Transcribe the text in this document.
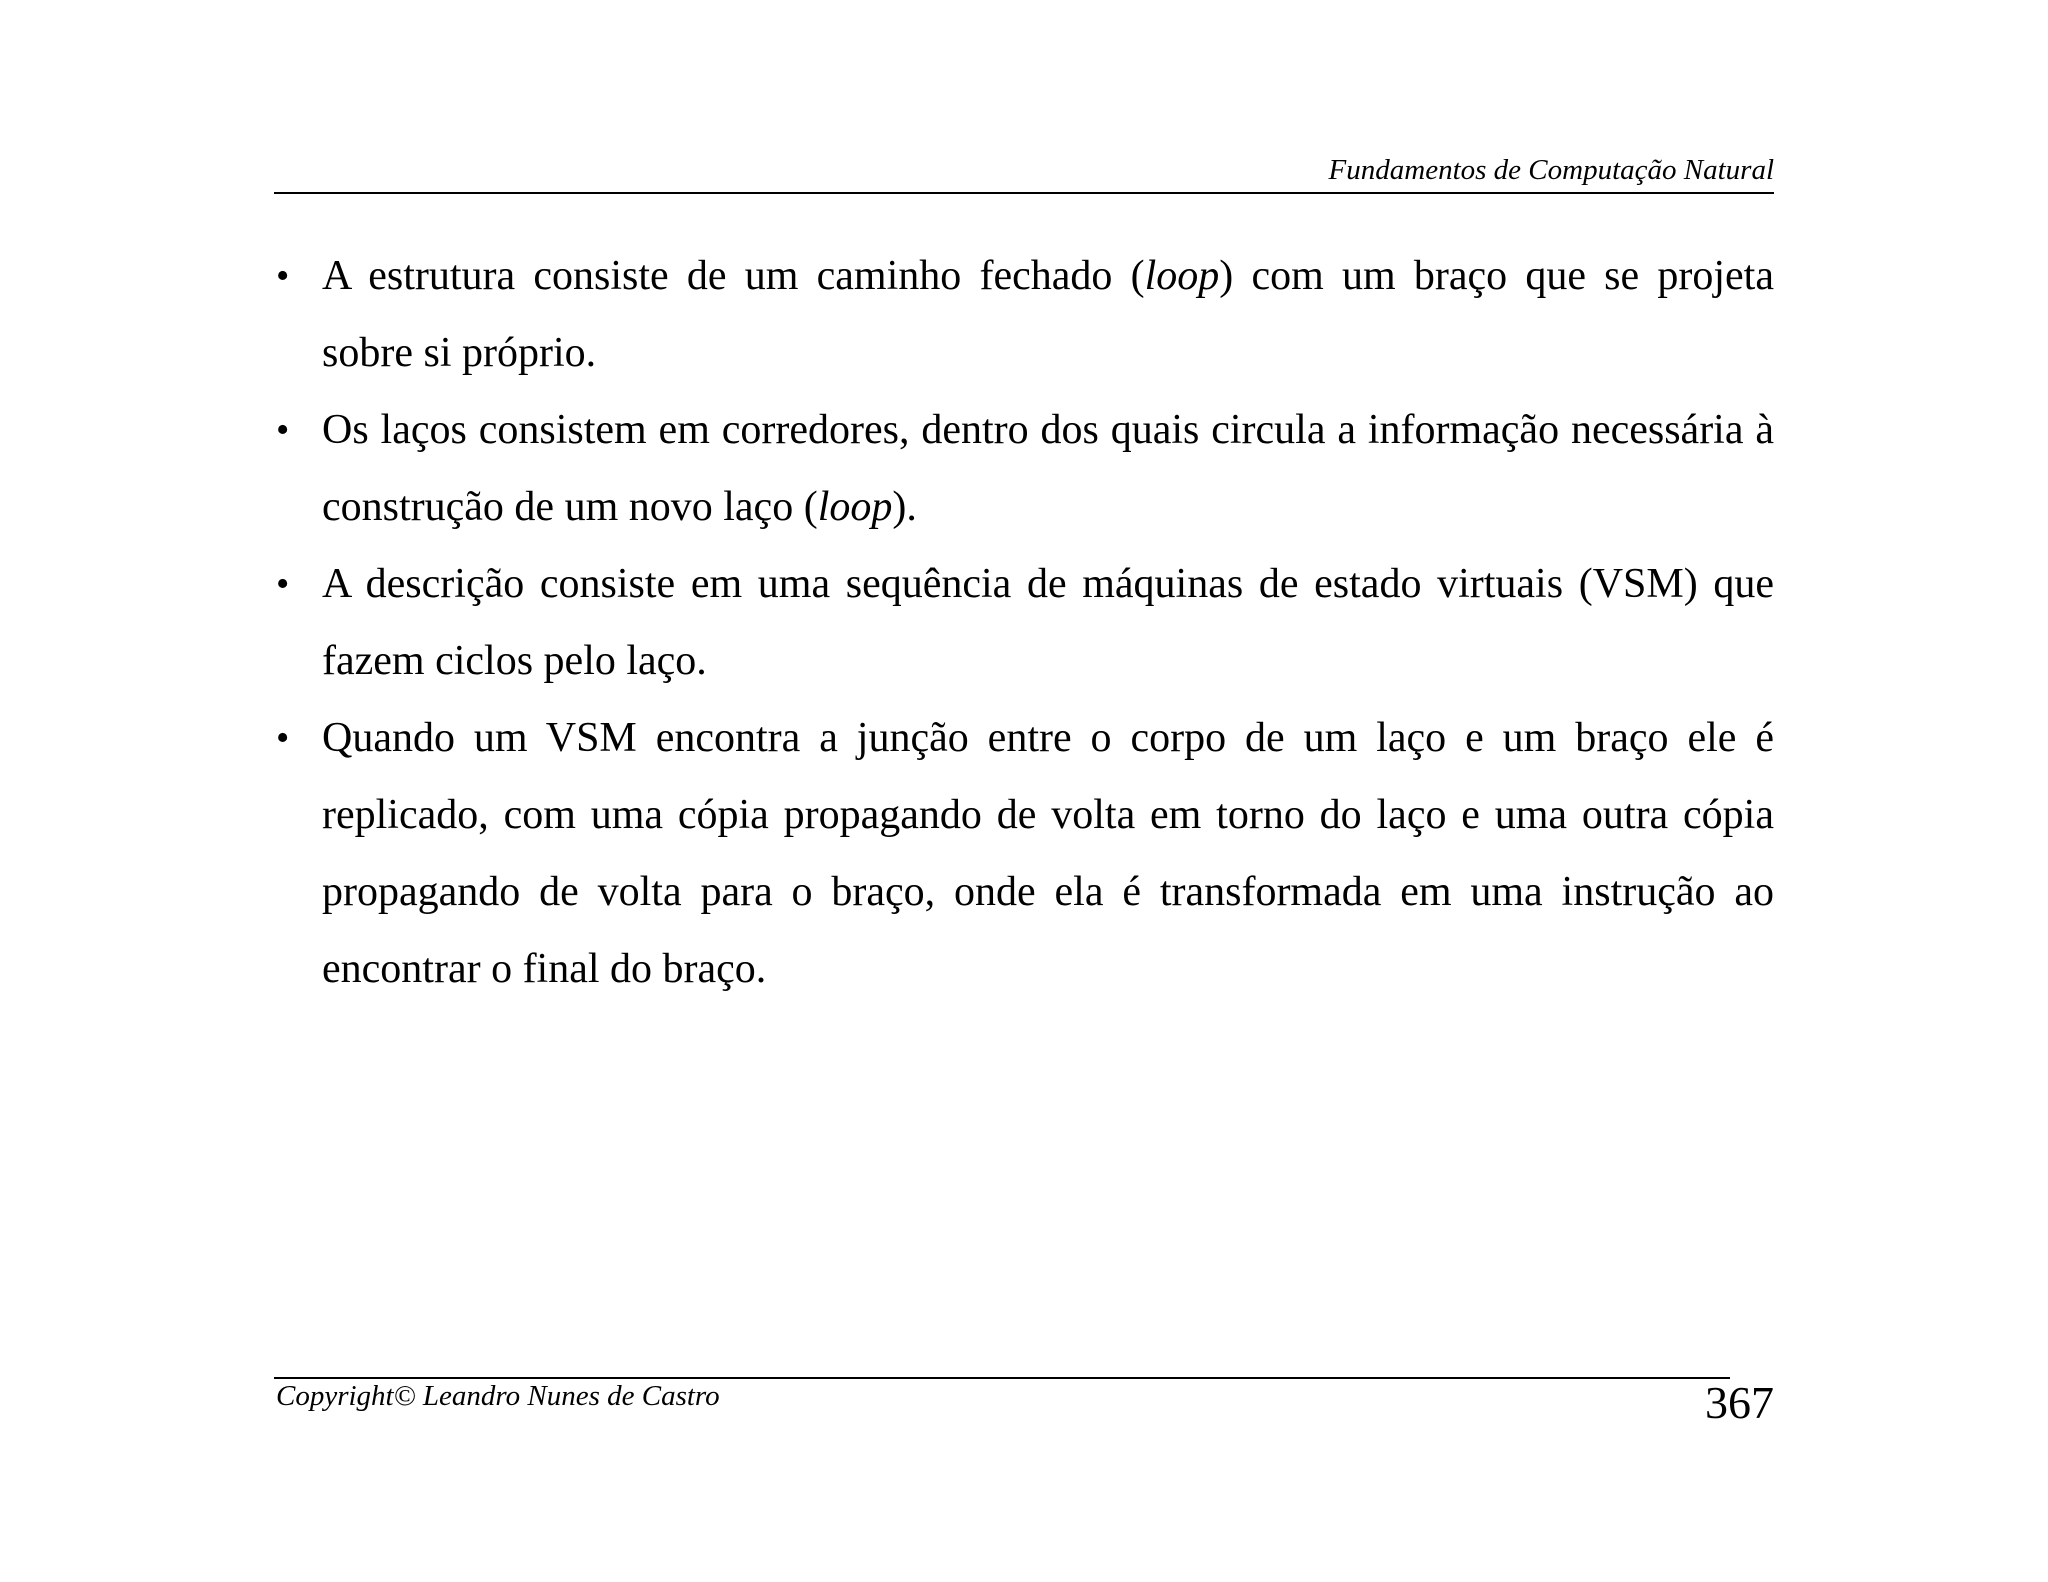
Fundamentos de Computação Natural
• A estrutura consiste de um caminho fechado (loop) com um braço que se projeta sobre si próprio.
• Os laços consistem em corredores, dentro dos quais circula a informação necessária à construção de um novo laço (loop).
• A descrição consiste em uma sequência de máquinas de estado virtuais (VSM) que fazem ciclos pelo laço.
• Quando um VSM encontra a junção entre o corpo de um laço e um braço ele é replicado, com uma cópia propagando de volta em torno do laço e uma outra cópia propagando de volta para o braço, onde ela é transformada em uma instrução ao encontrar o final do braço.
Copyright© Leandro Nunes de Castro	367
